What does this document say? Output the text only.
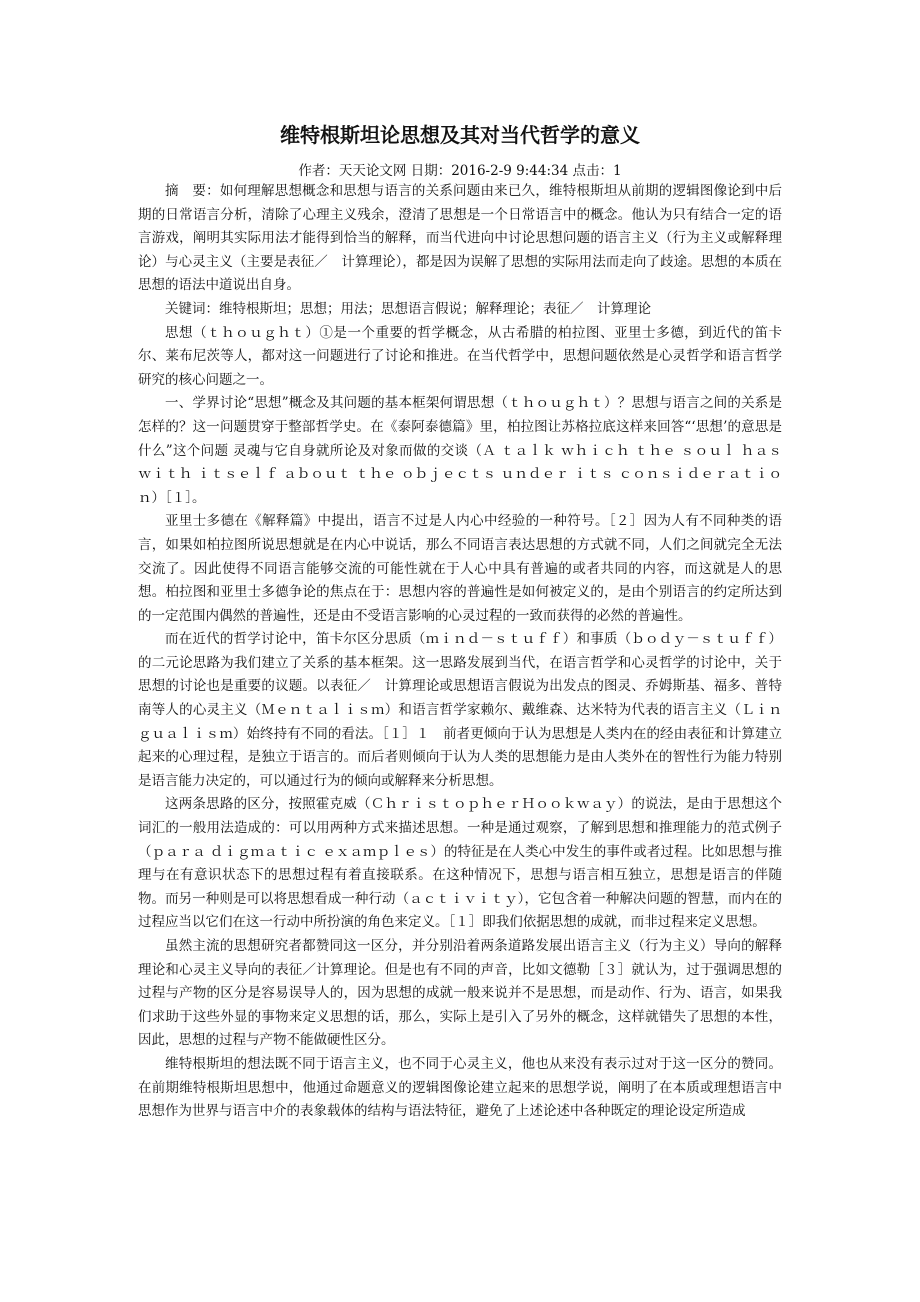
维特根斯坦论思想及其对当代哲学的意义
作者：天天论文网 日期：2016-2-9 9:44:34 点击：1

摘　要：如何理解思想概念和思想与语言的关系问题由来已久，维特根斯坦从前期的逻辑图像论到中后期的日常语言分析，清除了心理主义残余，澄清了思想是一个日常语言中的概念。他认为只有结合一定的语言游戏，阐明其实际用法才能得到恰当的解释，而当代进向中讨论思想问题的语言主义（行为主义或解释理论）与心灵主义（主要是表征／　计算理论），都是因为误解了思想的实际用法而走向了歧途。思想的本质在思想的语法中道说出自身。

关键词：维特根斯坦；思想；用法；思想语言假说；解释理论；表征／　计算理论

思想（ｔｈｏｕｇｈｔ）①是一个重要的哲学概念，从古希腊的柏拉图、亚里士多德，到近代的笛卡尔、莱布尼茨等人，都对这一问题进行了讨论和推进。在当代哲学中，思想问题依然是心灵哲学和语言哲学研究的核心问题之一。

一、学界讨论“思想”概念及其问题的基本框架何谓思想（ｔｈｏｕｇｈｔ）？思想与语言之间的关系是怎样的？这一问题贯穿于整部哲学史。在《泰阿泰德篇》里，柏拉图让苏格拉底这样来回答“‘思想’的意思是什么”这个问题 灵魂与它自身就所论及对象而做的交谈（Ａ ｔａｌｋ ｗｈｉｃｈ ｔｈｅ ｓｏｕｌ ｈａｓ ｗｉｔｈ ｉｔｓｅｌｆ ａｂｏｕｔ ｔｈｅ ｏｂｊｅｃｔｓ ｕｎｄｅｒ ｉｔｓ ｃｏｎｓｉｄｅｒａｔｉｏｎ）［１］。

亚里士多德在《解释篇》中提出，语言不过是人内心中经验的一种符号。［２］因为人有不同种类的语言，如果如柏拉图所说思想就是在内心中说话，那么不同语言表达思想的方式就不同，人们之间就完全无法交流了。因此使得不同语言能够交流的可能性就在于人心中具有普遍的或者共同的内容，而这就是人的思想。柏拉图和亚里士多德争论的焦点在于：思想内容的普遍性是如何被定义的，是由个别语言的约定所达到的一定范围内偶然的普遍性，还是由不受语言影响的心灵过程的一致而获得的必然的普遍性。

而在近代的哲学讨论中，笛卡尔区分思质（ｍｉｎｄ－ｓｔｕｆｆ）和事质（ｂｏｄｙ－ｓｔｕｆｆ）的二元论思路为我们建立了关系的基本框架。这一思路发展到当代，在语言哲学和心灵哲学的讨论中，关于思想的讨论也是重要的议题。以表征／　计算理论或思想语言假说为出发点的图灵、乔姆斯基、福多、普特南等人的心灵主义（Ｍｅｎｔａｌｉｓｍ）和语言哲学家赖尔、戴维森、达米特为代表的语言主义（Ｌｉｎｇｕａｌｉｓｍ）始终持有不同的看法。［１］１　前者更倾向于认为思想是人类内在的经由表征和计算建立起来的心理过程，是独立于语言的。而后者则倾向于认为人类的思想能力是由人类外在的智性行为能力特别是语言能力决定的，可以通过行为的倾向或解释来分析思想。

这两条思路的区分，按照霍克威（ＣｈｒｉｓｔｏｐｈｅｒＨｏｏｋｗａｙ）的说法，是由于思想这个词汇的一般用法造成的：可以用两种方式来描述思想。一种是通过观察，了解到思想和推理能力的范式例子（ｐａｒａ ｄｉｇｍａｔｉｃ ｅｘａｍｐｌｅｓ）的特征是在人类心中发生的事件或者过程。比如思想与推理与在有意识状态下的思想过程有着直接联系。在这种情况下，思想与语言相互独立，思想是语言的伴随物。而另一种则是可以将思想看成一种行动（ａｃｔｉｖｉｔｙ），它包含着一种解决问题的智慧，而内在的过程应当以它们在这一行动中所扮演的角色来定义。［１］即我们依据思想的成就，而非过程来定义思想。

虽然主流的思想研究者都赞同这一区分，并分别沿着两条道路发展出语言主义（行为主义）导向的解释理论和心灵主义导向的表征／计算理论。但是也有不同的声音，比如文德勒［３］就认为，过于强调思想的过程与产物的区分是容易误导人的，因为思想的成就一般来说并不是思想，而是动作、行为、语言，如果我们求助于这些外显的事物来定义思想的话，那么，实际上是引入了另外的概念，这样就错失了思想的本性，因此，思想的过程与产物不能做硬性区分。

维特根斯坦的想法既不同于语言主义，也不同于心灵主义，他也从来没有表示过对于这一区分的赞同。在前期维特根斯坦思想中，他通过命题意义的逻辑图像论建立起来的思想学说，阐明了在本质或理想语言中思想作为世界与语言中介的表象载体的结构与语法特征，避免了上述论述中各种既定的理论设定所造成
